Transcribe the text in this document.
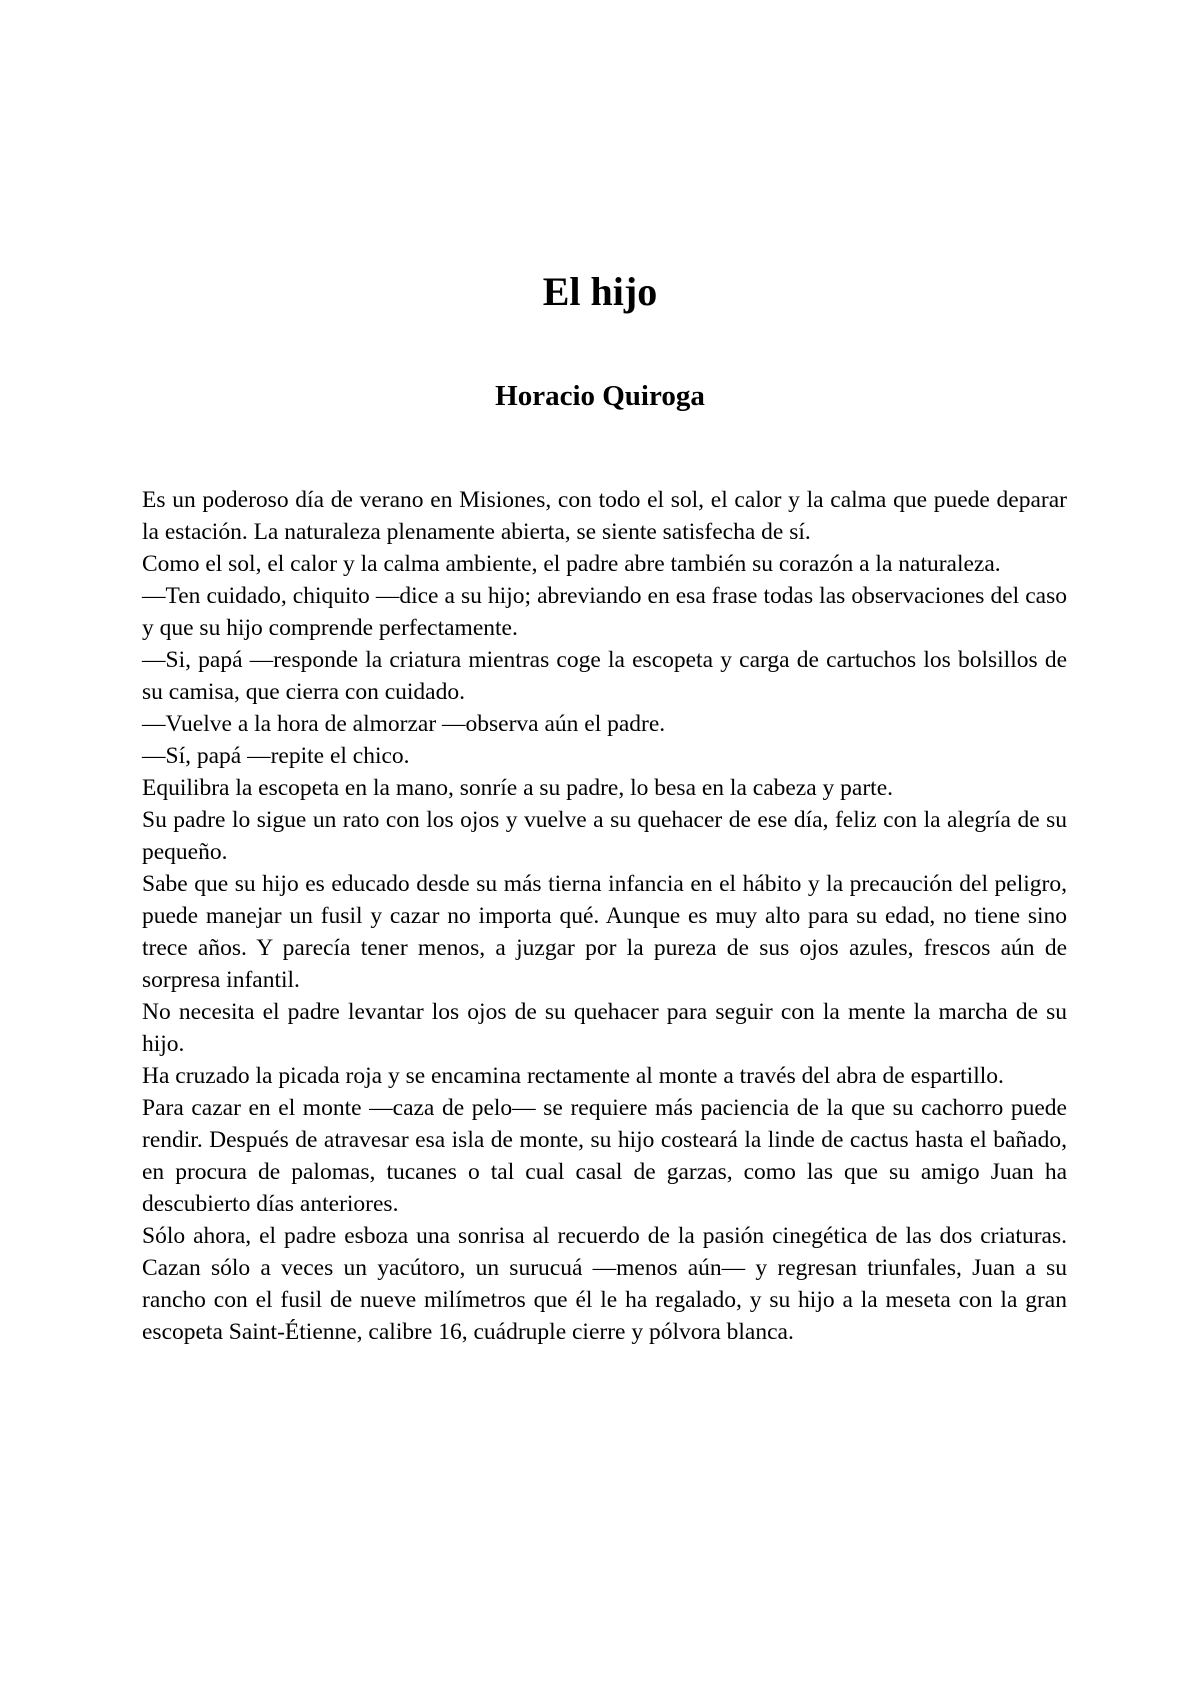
El hijo
Horacio Quiroga

Es un poderoso día de verano en Misiones, con todo el sol, el calor y la calma que puede deparar la estación. La naturaleza plenamente abierta, se siente satisfecha de sí.

Como el sol, el calor y la calma ambiente, el padre abre también su corazón a la naturaleza.

—Ten cuidado, chiquito —dice a su hijo; abreviando en esa frase todas las observaciones del caso y que su hijo comprende perfectamente.

—Si, papá —responde la criatura mientras coge la escopeta y carga de cartuchos los bolsillos de su camisa, que cierra con cuidado.

—Vuelve a la hora de almorzar —observa aún el padre.

—Sí, papá —repite el chico.

Equilibra la escopeta en la mano, sonríe a su padre, lo besa en la cabeza y parte.

Su padre lo sigue un rato con los ojos y vuelve a su quehacer de ese día, feliz con la alegría de su pequeño.

Sabe que su hijo es educado desde su más tierna infancia en el hábito y la precaución del peligro, puede manejar un fusil y cazar no importa qué. Aunque es muy alto para su edad, no tiene sino trece años. Y parecía tener menos, a juzgar por la pureza de sus ojos azules, frescos aún de sorpresa infantil.

No necesita el padre levantar los ojos de su quehacer para seguir con la mente la marcha de su hijo.

Ha cruzado la picada roja y se encamina rectamente al monte a través del abra de espartillo.

Para cazar en el monte —caza de pelo— se requiere más paciencia de la que su cachorro puede rendir. Después de atravesar esa isla de monte, su hijo costeará la linde de cactus hasta el bañado, en procura de palomas, tucanes o tal cual casal de garzas, como las que su amigo Juan ha descubierto días anteriores.

Sólo ahora, el padre esboza una sonrisa al recuerdo de la pasión cinegética de las dos criaturas. Cazan sólo a veces un yacútoro, un surucuá —menos aún— y regresan triunfales, Juan a su rancho con el fusil de nueve milímetros que él le ha regalado, y su hijo a la meseta con la gran escopeta Saint-Étienne, calibre 16, cuádruple cierre y pólvora blanca.
